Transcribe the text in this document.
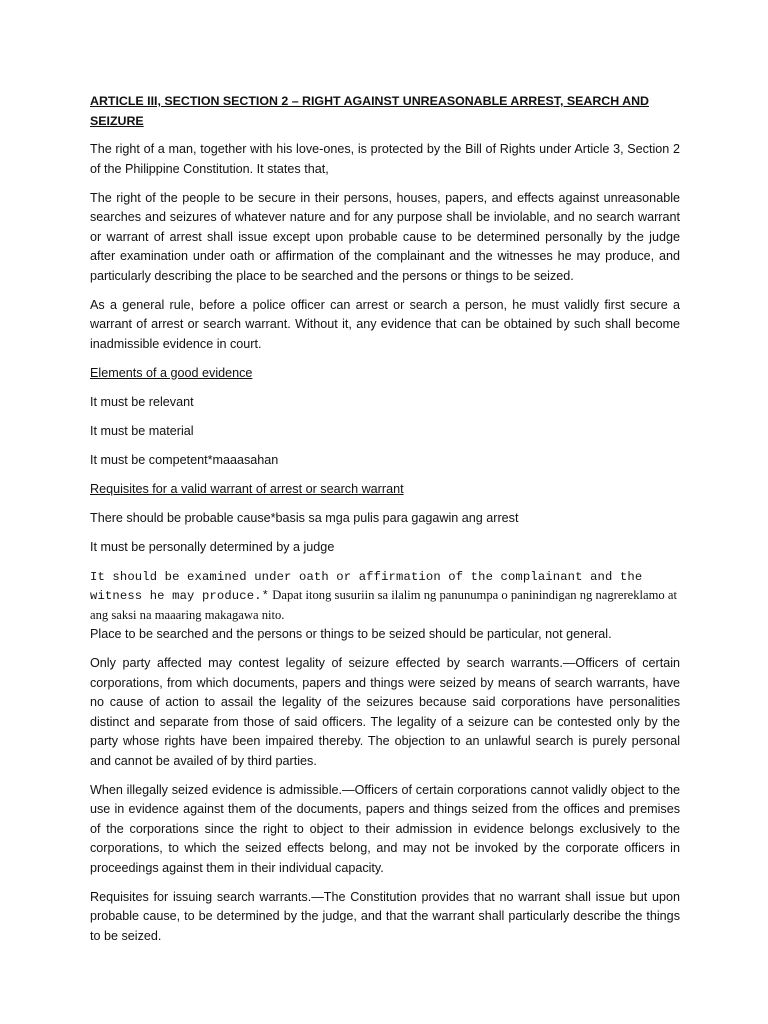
ARTICLE III, SECTION SECTION 2 – RIGHT AGAINST UNREASONABLE ARREST, SEARCH AND SEIZURE

The right of a man, together with his love-ones, is protected by the Bill of Rights under Article 3, Section 2 of the Philippine Constitution. It states that,

The right of the people to be secure in their persons, houses, papers, and effects against unreasonable searches and seizures of whatever nature and for any purpose shall be inviolable, and no search warrant or warrant of arrest shall issue except upon probable cause to be determined personally by the judge after examination under oath or affirmation of the complainant and the witnesses he may produce, and particularly describing the place to be searched and the persons or things to be seized.

As a general rule, before a police officer can arrest or search a person, he must validly first secure a warrant of arrest or search warrant. Without it, any evidence that can be obtained by such shall become inadmissible evidence in court.

Elements of a good evidence

It must be relevant

It must be material

It must be competent*maaasahan

Requisites for a valid warrant of arrest or search warrant

There should be probable cause*basis sa mga pulis para gagawin ang arrest

It must be personally determined by a judge

It should be examined under oath or affirmation of the complainant and the witness he may produce.* Dapat itong susuriin sa ilalim ng panunumpa o paninindigan ng nagrereklamo at ang saksi na maaaring makagawa nito.

Place to be searched and the persons or things to be seized should be particular, not general.

Only party affected may contest legality of seizure effected by search warrants.—Officers of certain corporations, from which documents, papers and things were seized by means of search warrants, have no cause of action to assail the legality of the seizures because said corporations have personalities distinct and separate from those of said officers. The legality of a seizure can be contested only by the party whose rights have been impaired thereby. The objection to an unlawful search is purely personal and cannot be availed of by third parties.

When illegally seized evidence is admissible.—Officers of certain corporations cannot validly object to the use in evidence against them of the documents, papers and things seized from the offices and premises of the corporations since the right to object to their admission in evidence belongs exclusively to the corporations, to which the seized effects belong, and may not be invoked by the corporate officers in proceedings against them in their individual capacity.

Requisites for issuing search warrants.—The Constitution provides that no warrant shall issue but upon probable cause, to be determined by the judge, and that the warrant shall particularly describe the things to be seized.
